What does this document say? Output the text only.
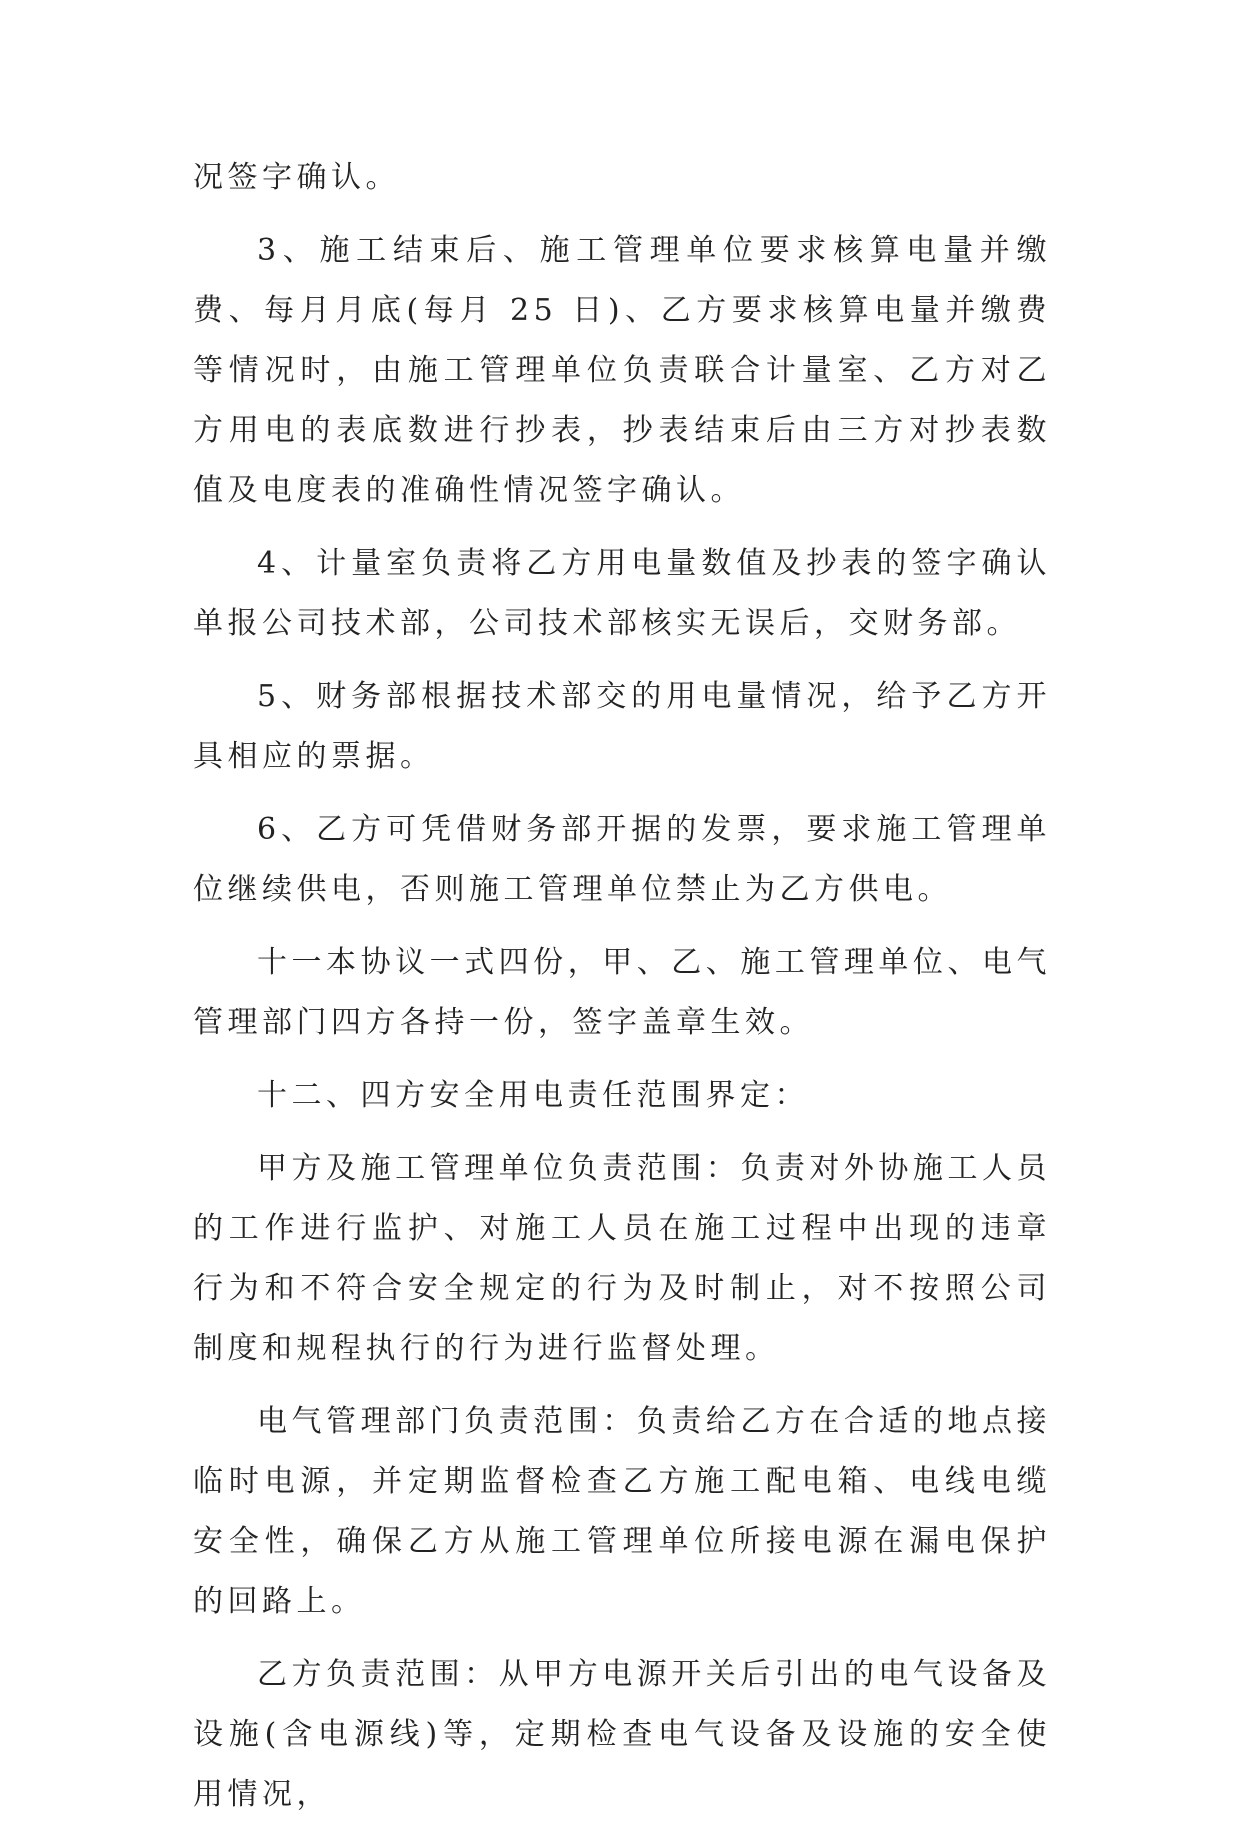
况签字确认。

3、施工结束后、施工管理单位要求核算电量并缴费、每月月底(每月 25 日)、乙方要求核算电量并缴费等情况时，由施工管理单位负责联合计量室、乙方对乙方用电的表底数进行抄表，抄表结束后由三方对抄表数值及电度表的准确性情况签字确认。

4、计量室负责将乙方用电量数值及抄表的签字确认单报公司技术部，公司技术部核实无误后，交财务部。

5、财务部根据技术部交的用电量情况，给予乙方开具相应的票据。

6、乙方可凭借财务部开据的发票，要求施工管理单位继续供电，否则施工管理单位禁止为乙方供电。

十一本协议一式四份，甲、乙、施工管理单位、电气管理部门四方各持一份，签字盖章生效。

十二、四方安全用电责任范围界定：

甲方及施工管理单位负责范围：负责对外协施工人员的工作进行监护、对施工人员在施工过程中出现的违章行为和不符合安全规定的行为及时制止，对不按照公司制度和规程执行的行为进行监督处理。

电气管理部门负责范围：负责给乙方在合适的地点接临时电源，并定期监督检查乙方施工配电箱、电线电缆安全性，确保乙方从施工管理单位所接电源在漏电保护的回路上。

乙方负责范围：从甲方电源开关后引出的电气设备及设施(含电源线)等，定期检查电气设备及设施的安全使用情况，
